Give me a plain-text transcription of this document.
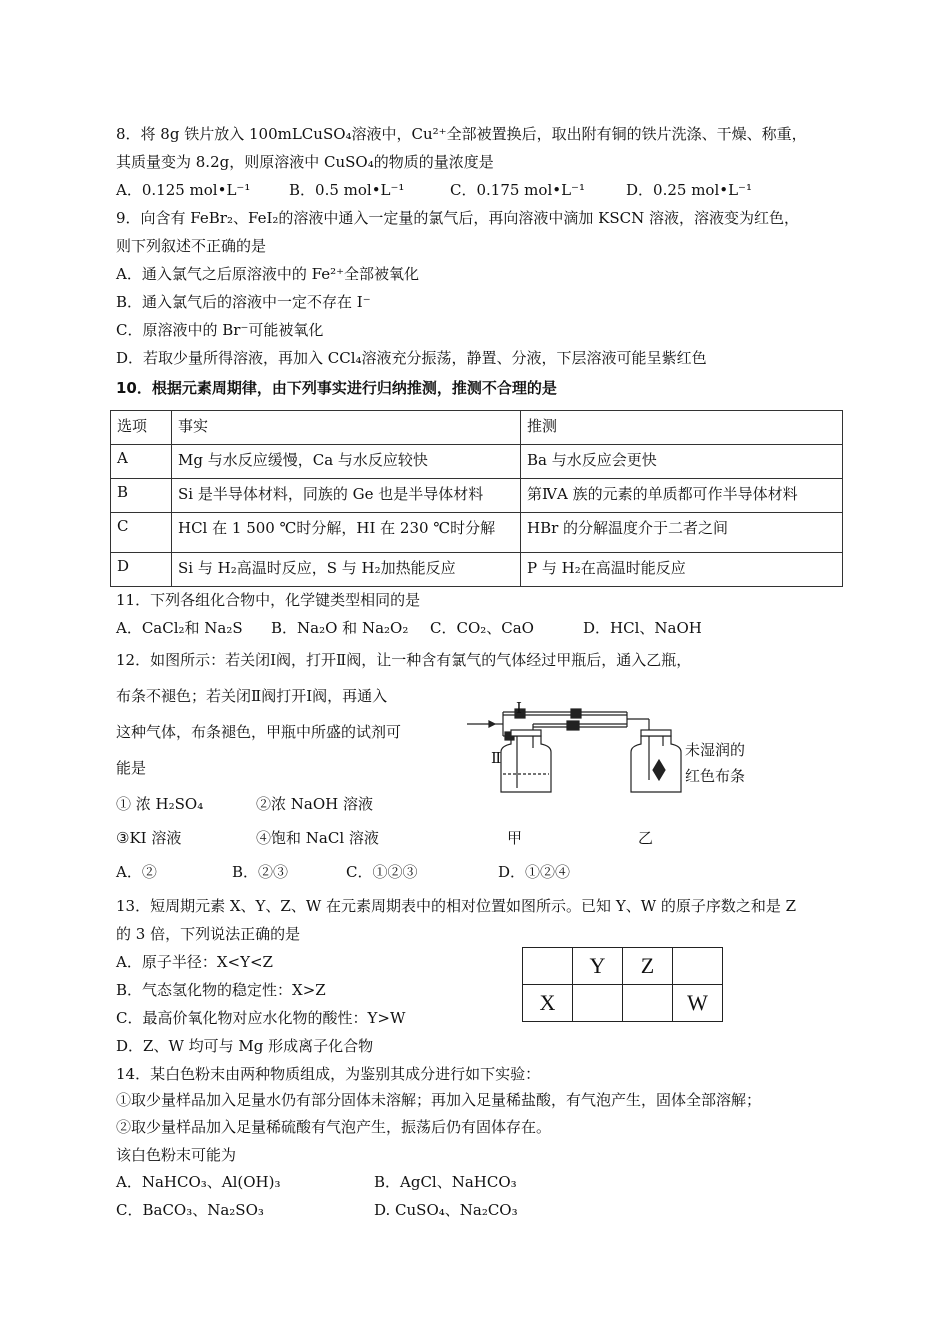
8．将 8g 铁片放入 100mLCuSO₄溶液中，Cu²⁺全部被置换后，取出附有铜的铁片洗涤、干燥、称重，
其质量变为 8.2g，则原溶液中 CuSO₄的物质的量浓度是
A．0.125 mol•L⁻¹	B．0.5 mol•L⁻¹	C．0.175 mol•L⁻¹	D．0.25 mol•L⁻¹
9．向含有 FeBr₂、FeI₂的溶液中通入一定量的氯气后，再向溶液中滴加 KSCN 溶液，溶液变为红色，
则下列叙述不正确的是
A．通入氯气之后原溶液中的 Fe²⁺全部被氧化
B．通入氯气后的溶液中一定不存在 I⁻
C．原溶液中的 Br⁻可能被氧化
D．若取少量所得溶液，再加入 CCl₄溶液充分振荡，静置、分液，下层溶液可能呈紫红色
10．根据元素周期律，由下列事实进行归纳推测，推测不合理的是
选项	事实	推测
A	Mg 与水反应缓慢，Ca 与水反应较快	Ba 与水反应会更快
B	Si 是半导体材料，同族的 Ge 也是半导体材料	第ⅣA 族的元素的单质都可作半导体材料
C	HCl 在 1 500 ℃时分解，HI 在 230 ℃时分解	HBr 的分解温度介于二者之间
D	Si 与 H₂高温时反应，S 与 H₂加热能反应	P 与 H₂在高温时能反应
11．下列各组化合物中，化学键类型相同的是
A．CaCl₂和 Na₂S B．Na₂O 和 Na₂O₂ C．CO₂、CaO	D．HCl、NaOH
12．如图所示：若关闭Ⅰ阀，打开Ⅱ阀，让一种含有氯气的气体经过甲瓶后，通入乙瓶，
布条不褪色；若关闭Ⅱ阀打开Ⅰ阀，再通入
这种气体，布条褪色，甲瓶中所盛的试剂可
能是
① 浓 H₂SO₄	②浓 NaOH 溶液
③KI 溶液	④饱和 NaCl 溶液
Ⅰ
Ⅱ	未湿润的
红色布条
甲	乙
A．②	B．②③	C．①②③	D．①②④
13．短周期元素 X、Y、Z、W 在元素周期表中的相对位置如图所示。已知 Y、W 的原子序数之和是 Z
的 3 倍，下列说法正确的是
A．原子半径：X<Y<Z
B．气态氢化物的稳定性：X>Z
C．最高价氧化物对应水化物的酸性：Y>W
D．Z、W 均可与 Mg 形成离子化合物
	Y	Z	
X			W
14．某白色粉末由两种物质组成，为鉴别其成分进行如下实验：
①取少量样品加入足量水仍有部分固体未溶解；再加入足量稀盐酸，有气泡产生，固体全部溶解；
②取少量样品加入足量稀硫酸有气泡产生，振荡后仍有固体存在。
该白色粉末可能为
A．NaHCO₃、Al(OH)₃	B．AgCl、NaHCO₃
C．BaCO₃、Na₂SO₃	D. CuSO₄、Na₂CO₃
